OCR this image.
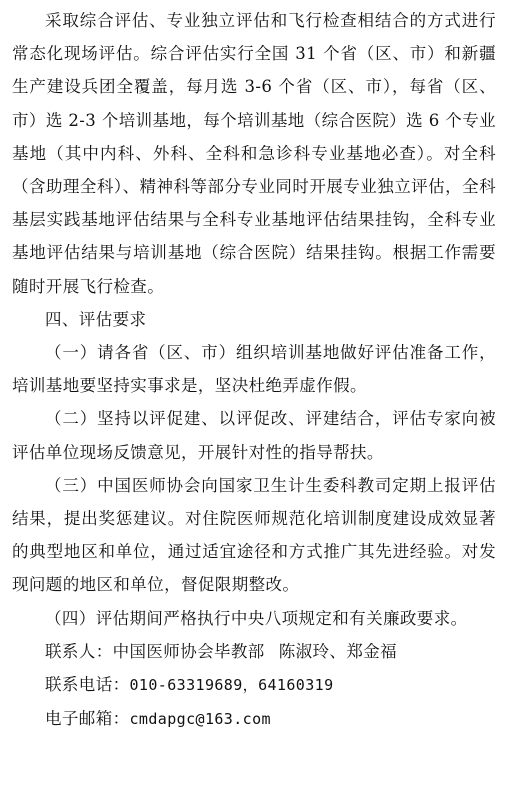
采取综合评估、专业独立评估和飞行检查相结合的方式进行常态化现场评估。综合评估实行全国 31 个省（区、市）和新疆生产建设兵团全覆盖，每月选 3-6 个省（区、市），每省（区、市）选 2-3 个培训基地，每个培训基地（综合医院）选 6 个专业基地（其中内科、外科、全科和急诊科专业基地必查）。对全科（含助理全科）、精神科等部分专业同时开展专业独立评估，全科基层实践基地评估结果与全科专业基地评估结果挂钩，全科专业基地评估结果与培训基地（综合医院）结果挂钩。根据工作需要随时开展飞行检查。

四、评估要求

（一）请各省（区、市）组织培训基地做好评估准备工作，培训基地要坚持实事求是，坚决杜绝弄虚作假。

（二）坚持以评促建、以评促改、评建结合，评估专家向被评估单位现场反馈意见，开展针对性的指导帮扶。

（三）中国医师协会向国家卫生计生委科教司定期上报评估结果，提出奖惩建议。对住院医师规范化培训制度建设成效显著的典型地区和单位，通过适宜途径和方式推广其先进经验。对发现问题的地区和单位，督促限期整改。

（四）评估期间严格执行中央八项规定和有关廉政要求。

联系人：中国医师协会毕教部 陈淑玲、郑金福

联系电话：010-63319689，64160319

电子邮箱：cmdapgc@163.com
